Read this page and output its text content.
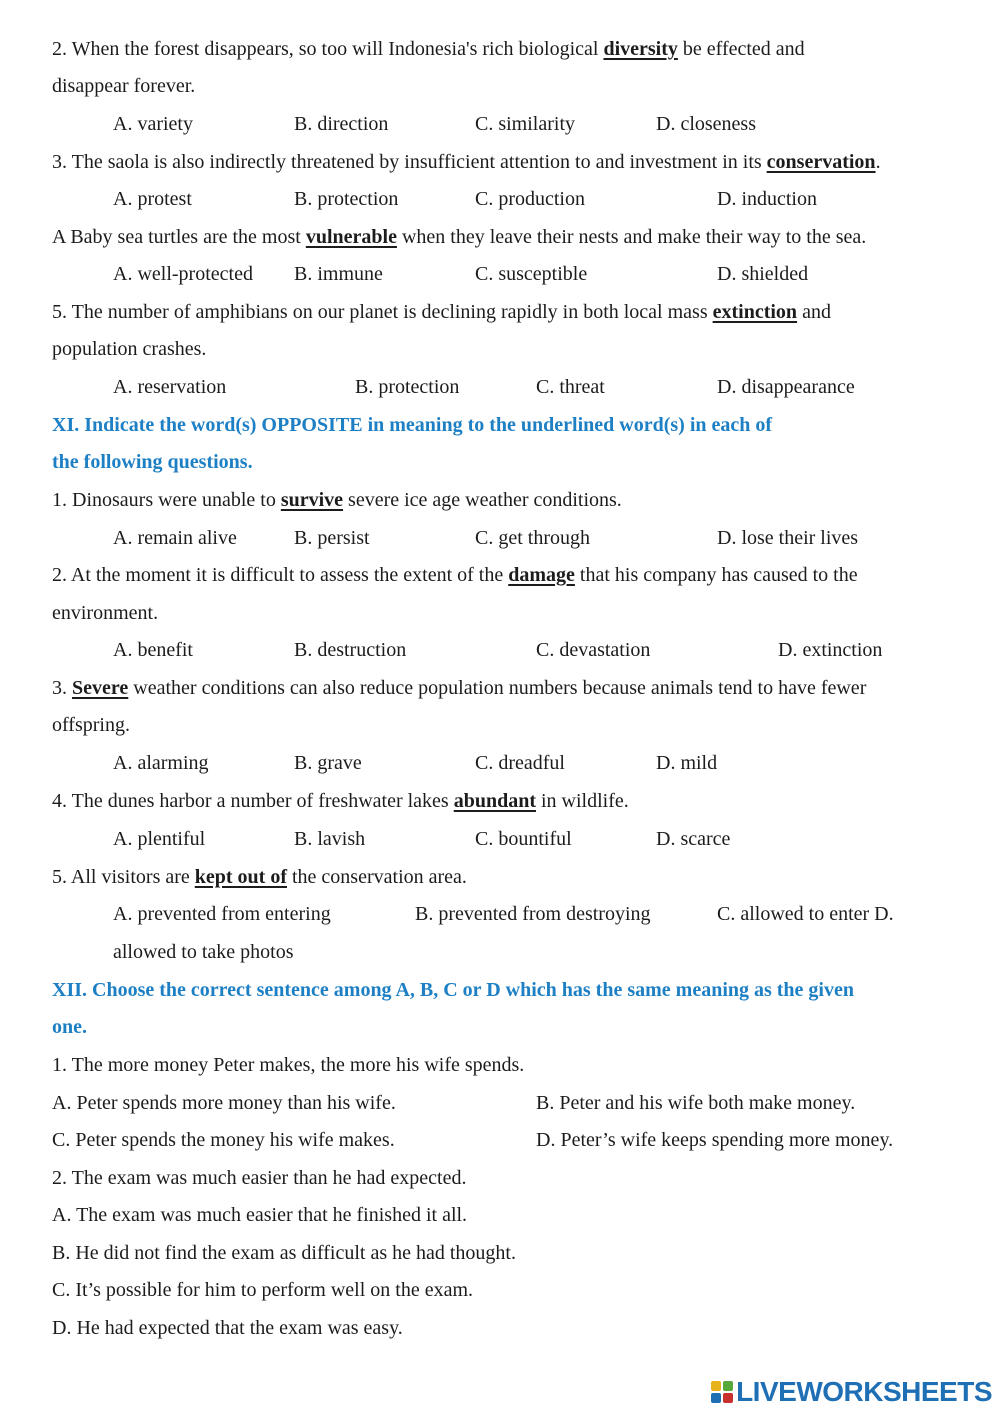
2. When the forest disappears, so too will Indonesia's rich biological diversity be effected and
disappear forever.
A. variety	B. direction	C. similarity	D. closeness
3. The saola is also indirectly threatened by insufficient attention to and investment in its conservation.
A. protest	B. protection	C. production	D. induction
A Baby sea turtles are the most vulnerable when they leave their nests and make their way to the sea.
A. well-protected B. immune	C. susceptible	D. shielded
5. The number of amphibians on our planet is declining rapidly in both local mass extinction and
population crashes.
A. reservation	B. protection	C. threat	D. disappearance
XI. Indicate the word(s) OPPOSITE in meaning to the underlined word(s) in each of
the following questions.
1. Dinosaurs were unable to survive severe ice age weather conditions.
A. remain alive	B. persist	C. get through	D. lose their lives
2. At the moment it is difficult to assess the extent of the damage that his company has caused to the
environment.
A. benefit	B. destruction	C. devastation	D. extinction
3. Severe weather conditions can also reduce population numbers because animals tend to have fewer
offspring.
A. alarming	B. grave	C. dreadful	D. mild
4. The dunes harbor a number of freshwater lakes abundant in wildlife.
A. plentiful	B. lavish	C. bountiful	D. scarce
5. All visitors are kept out of the conservation area.
A. prevented from entering	B. prevented from destroying	C. allowed to enter D.
allowed to take photos
XII. Choose the correct sentence among A, B, C or D which has the same meaning as the given
one.
1. The more money Peter makes, the more his wife spends.
A. Peter spends more money than his wife.	B. Peter and his wife both make money.
C. Peter spends the money his wife makes.	D. Peter’s wife keeps spending more money.
2. The exam was much easier than he had expected.
A. The exam was much easier that he finished it all.
B. He did not find the exam as difficult as he had thought.
C. It’s possible for him to perform well on the exam.
D. He had expected that the exam was easy.
LIVEWORKSHEETS
